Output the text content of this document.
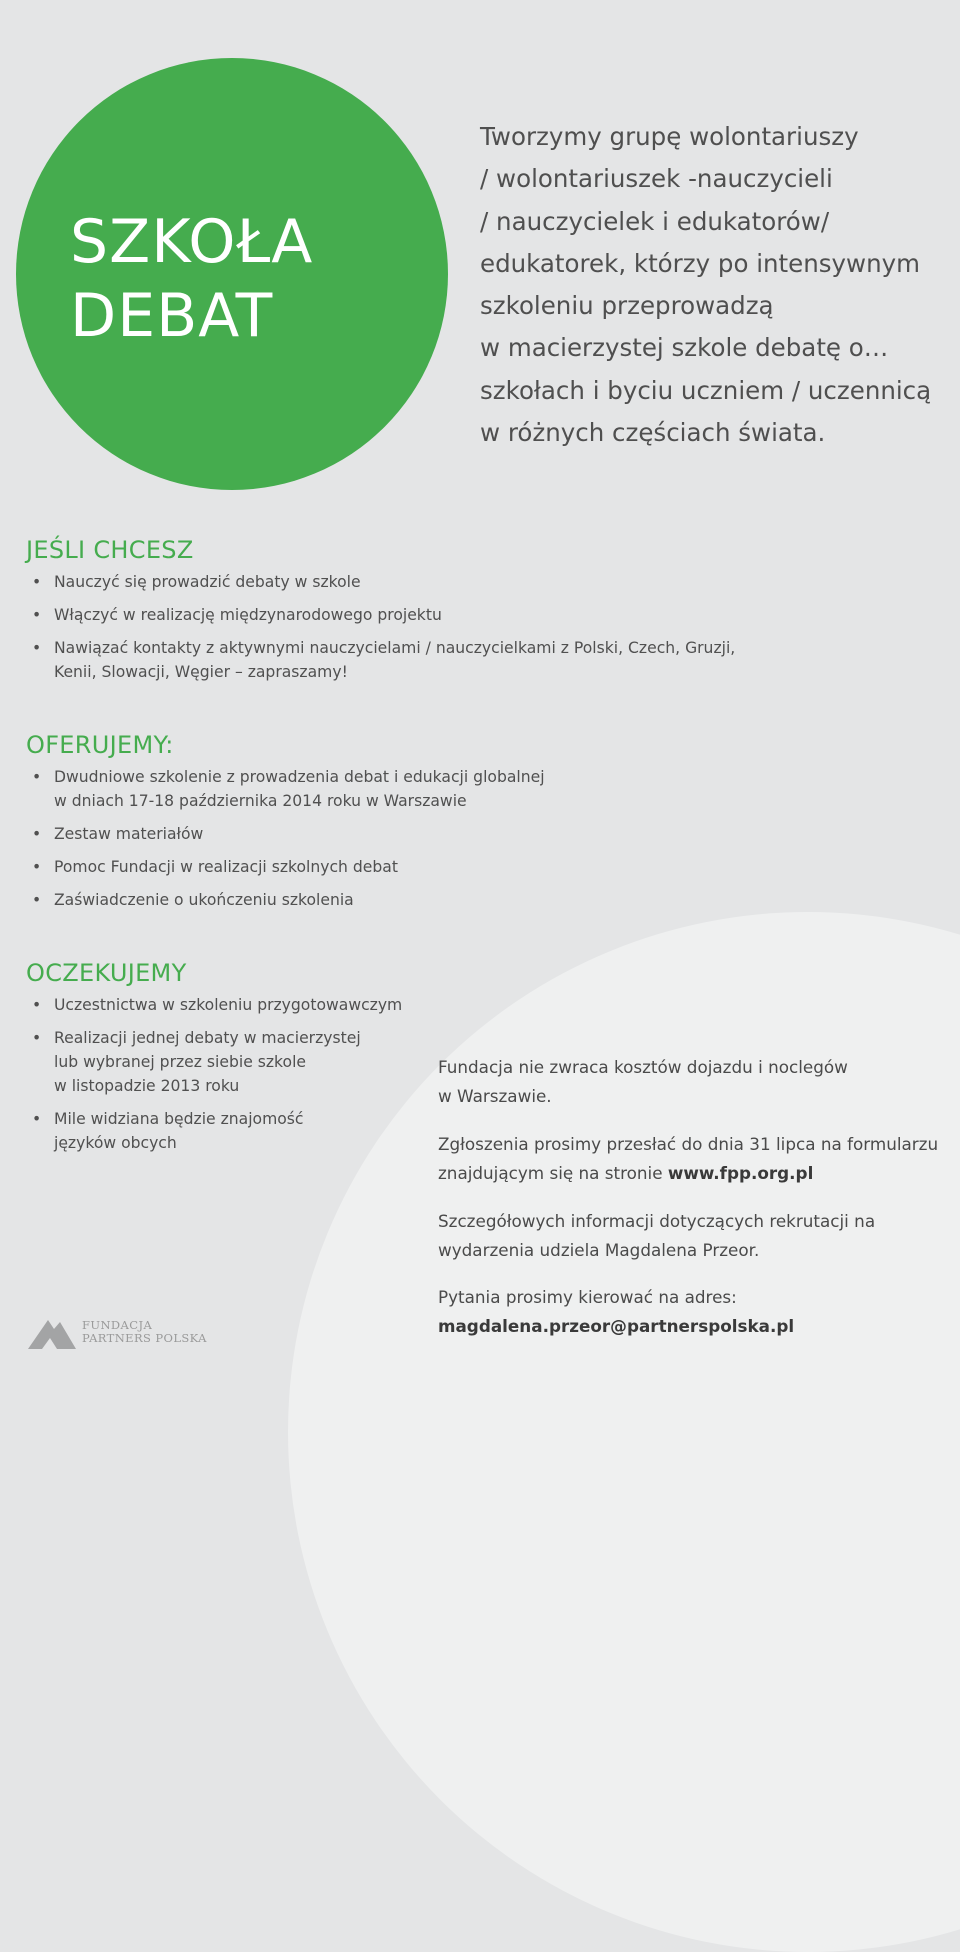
SZKOŁA
DEBAT
Tworzymy grupę wolontariuszy
/ wolontariuszek -nauczycieli
/ nauczycielek i edukatorów/
edukatorek, którzy po intensywnym
szkoleniu przeprowadzą
w macierzystej szkole debatę o…
szkołach i byciu uczniem / uczennicą
w różnych częściach świata.
JEŚLI CHCESZ
• Nauczyć się prowadzić debaty w szkole
• Włączyć w realizację międzynarodowego projektu
• Nawiązać kontakty z aktywnymi nauczycielami / nauczycielkami z Polski, Czech, Gruzji,
Kenii, Slowacji, Węgier – zapraszamy!
OFERUJEMY:
• Dwudniowe szkolenie z prowadzenia debat i edukacji globalnej
w dniach 17-18 października 2014 roku w Warszawie
• Zestaw materiałów
• Pomoc Fundacji w realizacji szkolnych debat
• Zaświadczenie o ukończeniu szkolenia
OCZEKUJEMY
• Uczestnictwa w szkoleniu przygotowawczym
• Realizacji jednej debaty w macierzystej
lub wybranej przez siebie szkole
w listopadzie 2013 roku
• Mile widziana będzie znajomość
języków obcych
Fundacja nie zwraca kosztów dojazdu i noclegów
w Warszawie.
Zgłoszenia prosimy przesłać do dnia 31 lipca na formularzu
znajdującym się na stronie www.fpp.org.pl
Szczegółowych informacji dotyczących rekrutacji na
wydarzenia udziela Magdalena Przeor.
Pytania prosimy kierować na adres:
magdalena.przeor@partnerspolska.pl
FUNDACJA
PARTNERS POLSKA
